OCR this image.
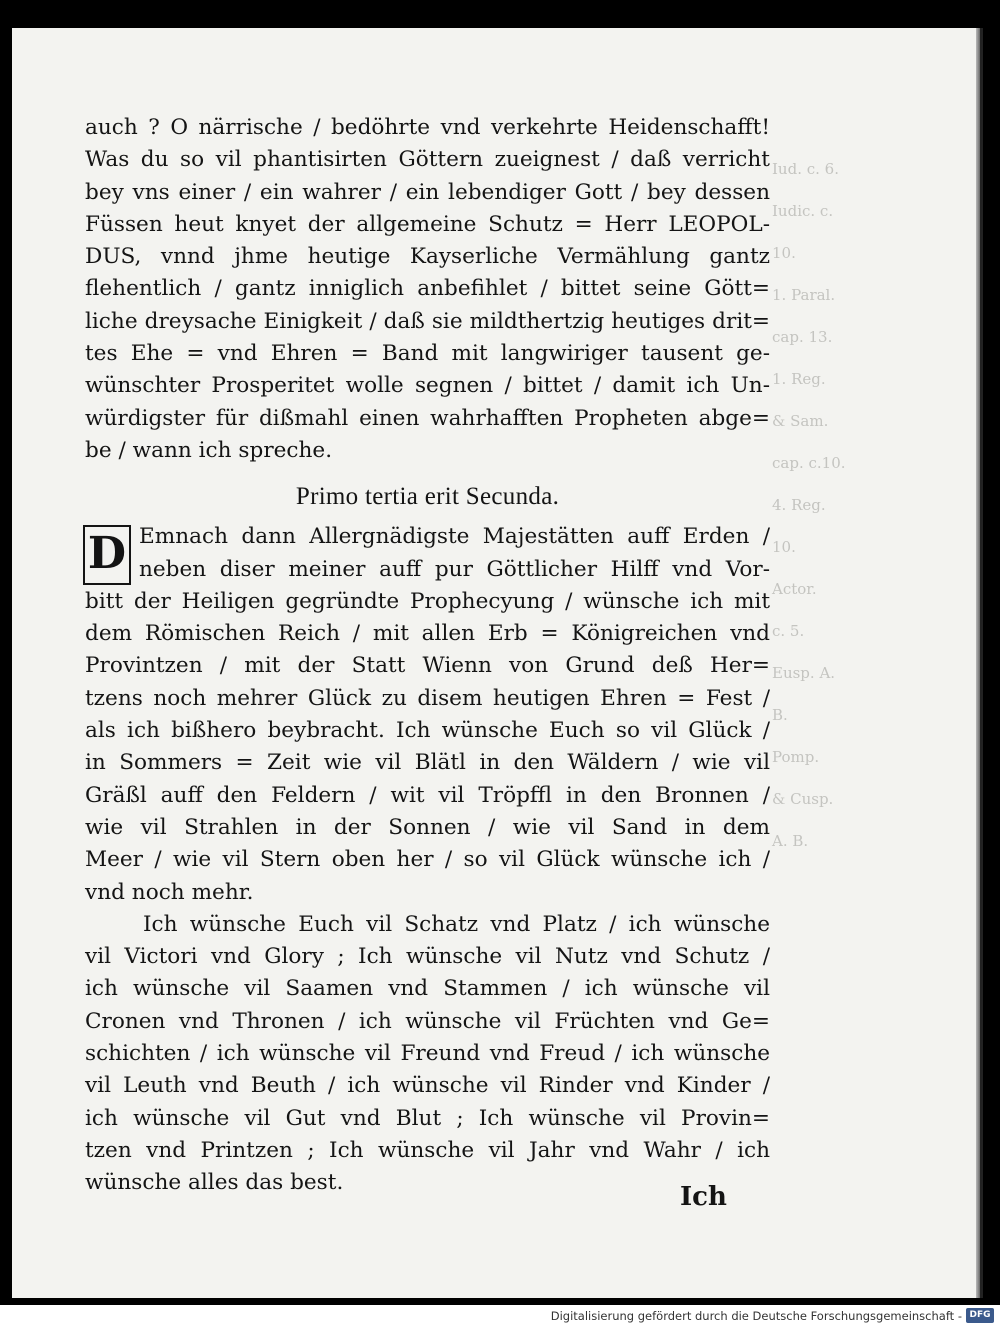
Iud. c. 6.
Iudic. c.
10.
1. Paral.
cap. 13.
1. Reg.
& Sam.
cap. c.10.
4. Reg.
10.
Actor.
c. 5.
Eusp. A.
B.
Pomp.
& Cusp.
A. B.
auch ? O närrische / bedöhrte vnd verkehrte Heidenschafft!
Was du so vil phantisirten Göttern zueignest / daß verricht
bey vns einer / ein wahrer / ein lebendiger Gott / bey dessen
Füssen heut knyet der allgemeine Schutz = Herr LEOPOL-
DUS, vnnd jhme heutige Kayserliche Vermählung gantz
flehentlich / gantz inniglich anbefihlet / bittet seine Gött=
liche dreysache Einigkeit / daß sie mildthertzig heutiges drit=
tes Ehe = vnd Ehren = Band mit langwiriger tausent ge-
wünschter Prosperitet wolle segnen / bittet / damit ich Un-
würdigster für dißmahl einen wahrhafften Propheten abge=
be / wann ich spreche.
Primo tertia erit Secunda.
D Emnach dann Allergnädigste Majestätten auff Erden /
neben diser meiner auff pur Göttlicher Hilff vnd Vor-
bitt der Heiligen gegründte Prophecyung / wünsche ich mit
dem Römischen Reich / mit allen Erb = Königreichen vnd
Provintzen / mit der Statt Wienn von Grund deß Her=
tzens noch mehrer Glück zu disem heutigen Ehren = Fest /
als ich bißhero beybracht. Ich wünsche Euch so vil Glück /
in Sommers = Zeit wie vil Blätl in den Wäldern / wie vil
Gräßl auff den Feldern / wit vil Tröpffl in den Bronnen /
wie vil Strahlen in der Sonnen / wie vil Sand in dem
Meer / wie vil Stern oben her / so vil Glück wünsche ich /
vnd noch mehr.
Ich wünsche Euch vil Schatz vnd Platz / ich wünsche
vil Victori vnd Glory ; Ich wünsche vil Nutz vnd Schutz /
ich wünsche vil Saamen vnd Stammen / ich wünsche vil
Cronen vnd Thronen / ich wünsche vil Früchten vnd Ge=
schichten / ich wünsche vil Freund vnd Freud / ich wünsche
vil Leuth vnd Beuth / ich wünsche vil Rinder vnd Kinder /
ich wünsche vil Gut vnd Blut ; Ich wünsche vil Provin=
tzen vnd Printzen ; Ich wünsche vil Jahr vnd Wahr / ich
wünsche alles das best.	Ich
Digitalisierung gefördert durch die Deutsche Forschungsgemeinschaft - DFG
